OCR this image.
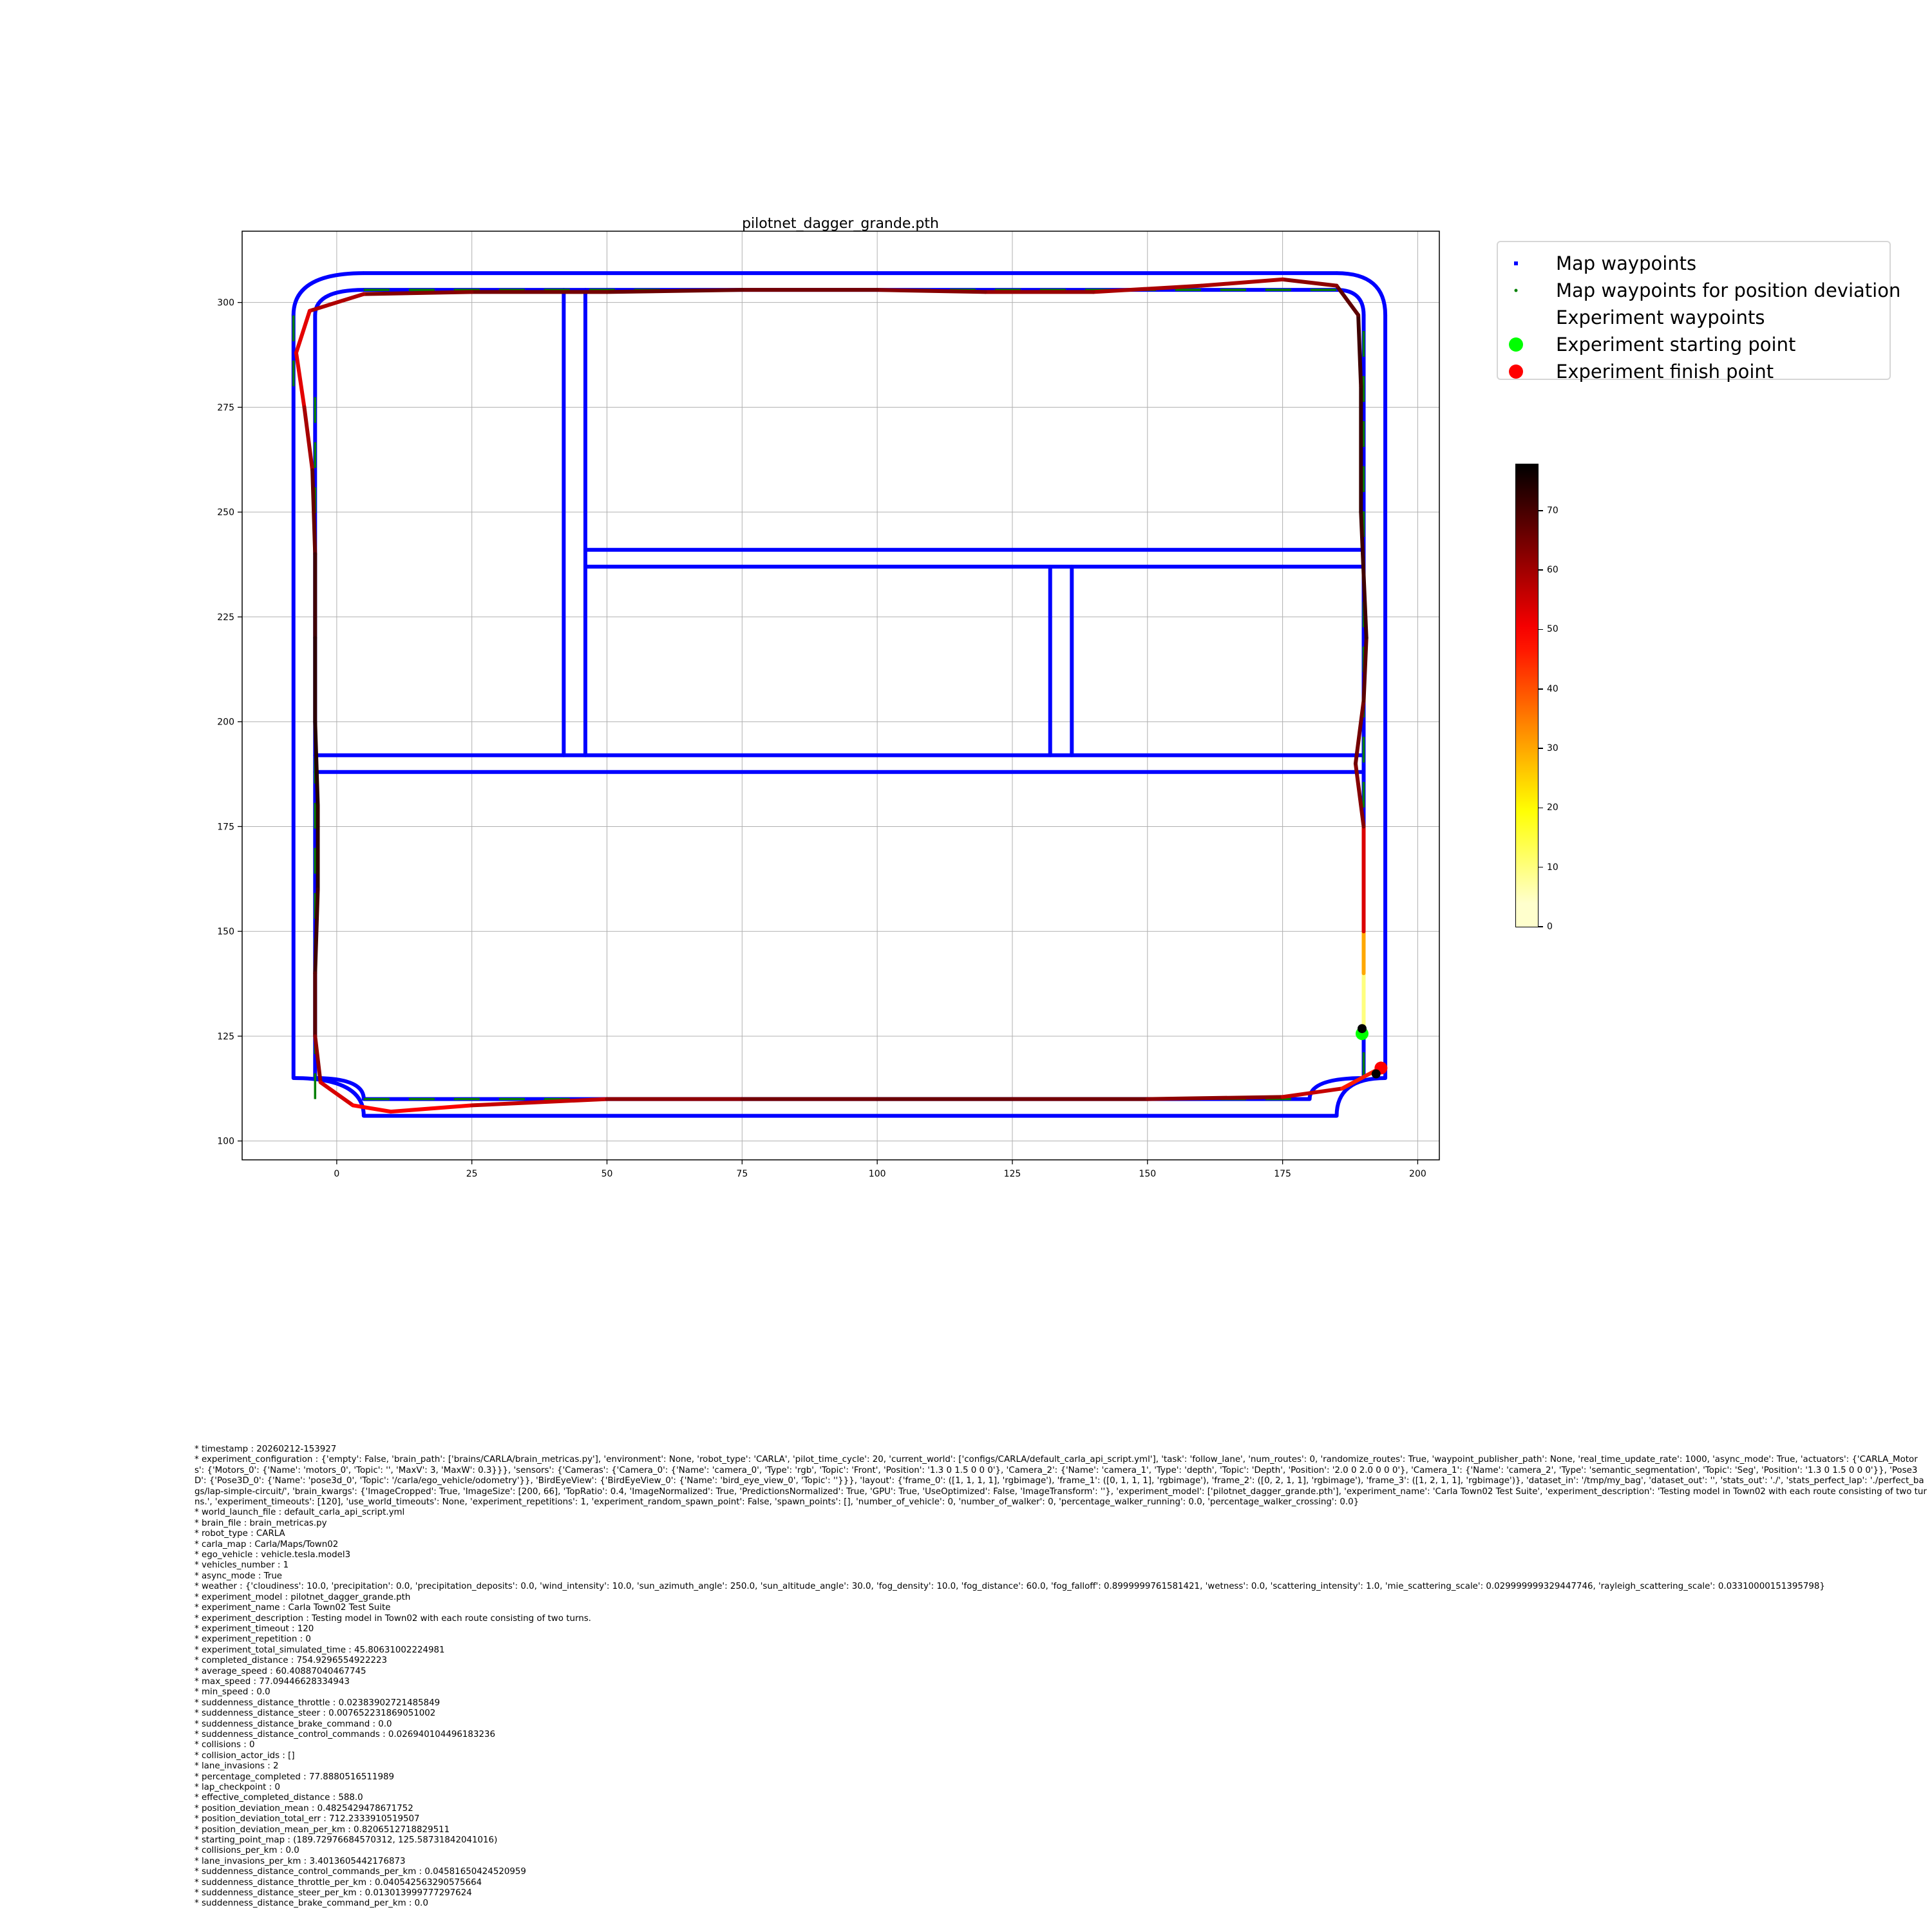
pilotnet_dagger_grande.pth
0	25	50	75	100	125	150	175	200
100
125
150
175
200
225
250
275
300
Map waypoints
Map waypoints for position deviation
Experiment waypoints
Experiment starting point
Experiment finish point
0
10
20
30
40
50
60
70
* timestamp : 20260212-153927
* experiment_configuration : {'empty': False, 'brain_path': ['brains/CARLA/brain_metricas.py'], 'environment': None, 'robot_type': 'CARLA', 'pilot_time_cycle': 20, 'current_world': ['configs/CARLA/default_carla_api_script.yml'], 'task': 'follow_lane', 'num_routes': 0, 'randomize_routes': True, 'waypoint_publisher_path': None, 'real_time_update_rate': 1000, 'async_mode': True, 'actuators': {'CARLA_Motors': {'Motors_0': {'Name': 'motors_0', 'Topic': '', 'MaxV': 3, 'MaxW': 0.3}}}, 'sensors': {'Cameras': {'Camera_0': {'Name': 'camera_0', 'Type': 'rgb', 'Topic': 'Front', 'Position': '1.3 0 1.5 0 0 0'}, 'Camera_2': {'Name': 'camera_1', 'Type': 'depth', 'Topic': 'Depth', 'Position': '2.0 0 2.0 0 0 0'}, 'Camera_1': {'Name': 'camera_2', 'Type': 'semantic_segmentation', 'Topic': 'Seg', 'Position': '1.3 0 1.5 0 0 0'}}, 'Pose3D': {'Pose3D_0': {'Name': 'pose3d_0', 'Topic': '/carla/ego_vehicle/odometry'}}, 'BirdEyeView': {'BirdEyeView_0': {'Name': 'bird_eye_view_0', 'Topic': ''}}}, 'layout': {'frame_0': ([1, 1, 1, 1], 'rgbimage'), 'frame_1': ([0, 1, 1, 1], 'rgbimage'), 'frame_2': ([0, 2, 1, 1], 'rgbimage'), 'frame_3': ([1, 2, 1, 1], 'rgbimage')}, 'dataset_in': '/tmp/my_bag', 'dataset_out': '', 'stats_out': './', 'stats_perfect_lap': './perfect_bags/lap-simple-circuit/', 'brain_kwargs': {'ImageCropped': True, 'ImageSize': [200, 66], 'TopRatio': 0.4, 'ImageNormalized': True, 'PredictionsNormalized': True, 'GPU': True, 'UseOptimized': False, 'ImageTransform': ''}, 'experiment_model': ['pilotnet_dagger_grande.pth'], 'experiment_name': 'Carla Town02 Test Suite', 'experiment_description': 'Testing model in Town02 with each route consisting of two turns.', 'experiment_timeouts': [120], 'use_world_timeouts': None, 'experiment_repetitions': 1, 'experiment_random_spawn_point': False, 'spawn_points': [], 'number_of_vehicle': 0, 'number_of_walker': 0, 'percentage_walker_running': 0.0, 'percentage_walker_crossing': 0.0}
* world_launch_file : default_carla_api_script.yml
* brain_file : brain_metricas.py
* robot_type : CARLA
* carla_map : Carla/Maps/Town02
* ego_vehicle : vehicle.tesla.model3
* vehicles_number : 1
* async_mode : True
* weather : {'cloudiness': 10.0, 'precipitation': 0.0, 'precipitation_deposits': 0.0, 'wind_intensity': 10.0, 'sun_azimuth_angle': 250.0, 'sun_altitude_angle': 30.0, 'fog_density': 10.0, 'fog_distance': 60.0, 'fog_falloff': 0.8999999761581421, 'wetness': 0.0, 'scattering_intensity': 1.0, 'mie_scattering_scale': 0.029999999329447746, 'rayleigh_scattering_scale': 0.03310000151395798}
* experiment_model : pilotnet_dagger_grande.pth
* experiment_name : Carla Town02 Test Suite
* experiment_description : Testing model in Town02 with each route consisting of two turns.
* experiment_timeout : 120
* experiment_repetition : 0
* experiment_total_simulated_time : 45.80631002224981
* completed_distance : 754.9296554922223
* average_speed : 60.40887040467745
* max_speed : 77.09446628334943
* min_speed : 0.0
* suddenness_distance_throttle : 0.02383902721485849
* suddenness_distance_steer : 0.007652231869051002
* suddenness_distance_brake_command : 0.0
* suddenness_distance_control_commands : 0.026940104496183236
* collisions : 0
* collision_actor_ids : []
* lane_invasions : 2
* percentage_completed : 77.8880516511989
* lap_checkpoint : 0
* effective_completed_distance : 588.0
* position_deviation_mean : 0.4825429478671752
* position_deviation_total_err : 712.2333910519507
* position_deviation_mean_per_km : 0.8206512718829511
* starting_point_map : (189.72976684570312, 125.58731842041016)
* collisions_per_km : 0.0
* lane_invasions_per_km : 3.4013605442176873
* suddenness_distance_control_commands_per_km : 0.04581650424520959
* suddenness_distance_throttle_per_km : 0.040542563290575664
* suddenness_distance_steer_per_km : 0.013013999777297624
* suddenness_distance_brake_command_per_km : 0.0
